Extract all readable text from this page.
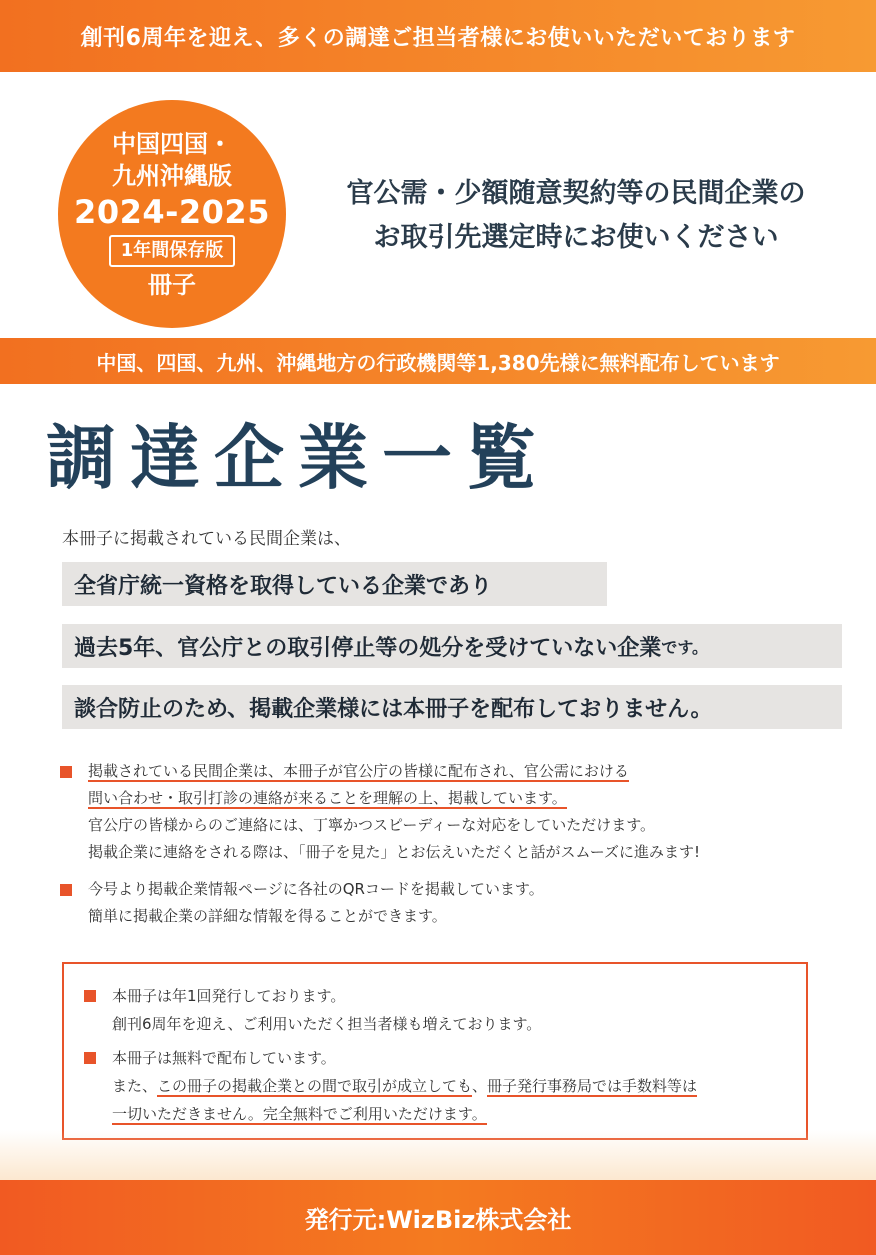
創刊6周年を迎え、多くの調達ご担当者様にお使いいただいております
中国四国・
九州沖縄版
2024-2025
1年間保存版
冊子
官公需・少額随意契約等の民間企業の
お取引先選定時にお使いください
中国、四国、九州、沖縄地方の行政機関等1,380先様に無料配布しています
調達企業一覧
本冊子に掲載されている民間企業は、
全省庁統一資格を取得している企業であり
過去5年、官公庁との取引停止等の処分を受けていない企業 です。
談合防止のため、掲載企業様には本冊子を配布しておりません。
掲載されている民間企業は、本冊子が官公庁の皆様に配布され、官公需における
問い合わせ・取引打診の連絡が来ることを理解の上、掲載しています。
官公庁の皆様からのご連絡には、丁寧かつスピーディーな対応をしていただけます。
掲載企業に連絡をされる際は、「冊子を見た」とお伝えいただくと話がスムーズに進みます!
今号より掲載企業情報ページに各社のQRコードを掲載しています。
簡単に掲載企業の詳細な情報を得ることができます。
本冊子は年1回発行しております。
創刊6周年を迎え、ご利用いただく担当者様も増えております。
本冊子は無料で配布しています。
また、この冊子の掲載企業との間で取引が成立しても、冊子発行事務局では手数料等は
一切いただきません。完全無料でご利用いただけます。
発行元:WizBiz株式会社
